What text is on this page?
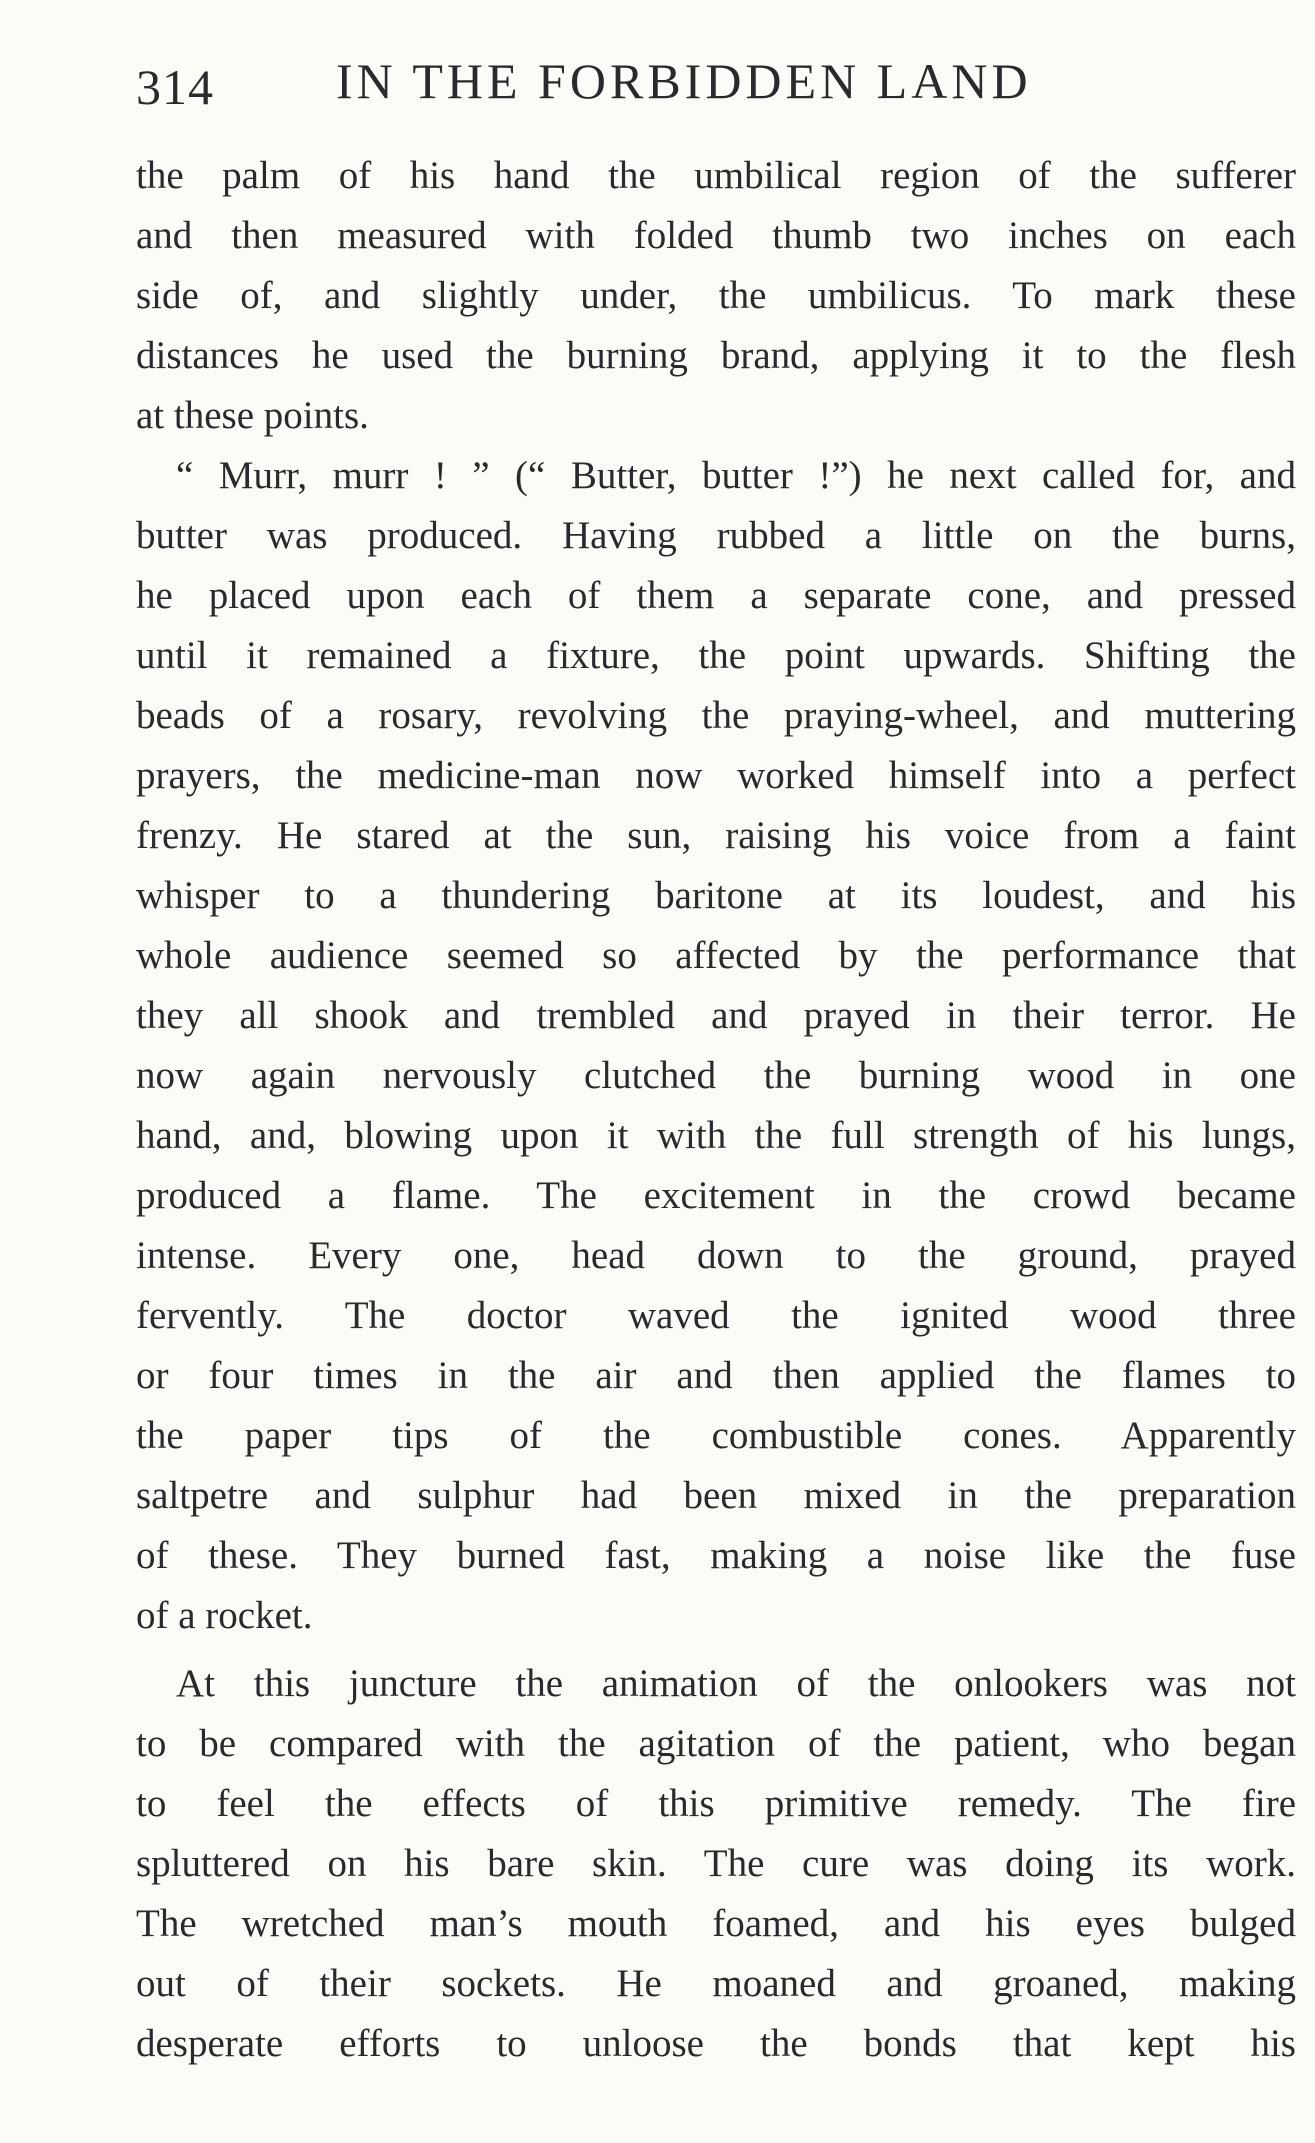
314 IN THE FORBIDDEN LAND
the palm of his hand the umbilical region of the sufferer
and then measured with folded thumb two inches on each
side of, and slightly under, the umbilicus. To mark these
distances he used the burning brand, applying it to the flesh
at these points.
“ Murr, murr ! ” (“ Butter, butter !”) he next called for, and
butter was produced. Having rubbed a little on the burns,
he placed upon each of them a separate cone, and pressed
until it remained a fixture, the point upwards. Shifting the
beads of a rosary, revolving the praying-wheel, and muttering
prayers, the medicine-man now worked himself into a perfect
frenzy. He stared at the sun, raising his voice from a faint
whisper to a thundering baritone at its loudest, and his
whole audience seemed so affected by the performance that
they all shook and trembled and prayed in their terror. He
now again nervously clutched the burning wood in one
hand, and, blowing upon it with the full strength of his lungs,
produced a flame. The excitement in the crowd became
intense. Every one, head down to the ground, prayed
fervently. The doctor waved the ignited wood three
or four times in the air and then applied the flames to
the paper tips of the combustible cones. Apparently
saltpetre and sulphur had been mixed in the preparation
of these. They burned fast, making a noise like the fuse
of a rocket.
At this juncture the animation of the onlookers was not
to be compared with the agitation of the patient, who began
to feel the effects of this primitive remedy. The fire
spluttered on his bare skin. The cure was doing its work.
The wretched man’s mouth foamed, and his eyes bulged
out of their sockets. He moaned and groaned, making
desperate efforts to unloose the bonds that kept his
